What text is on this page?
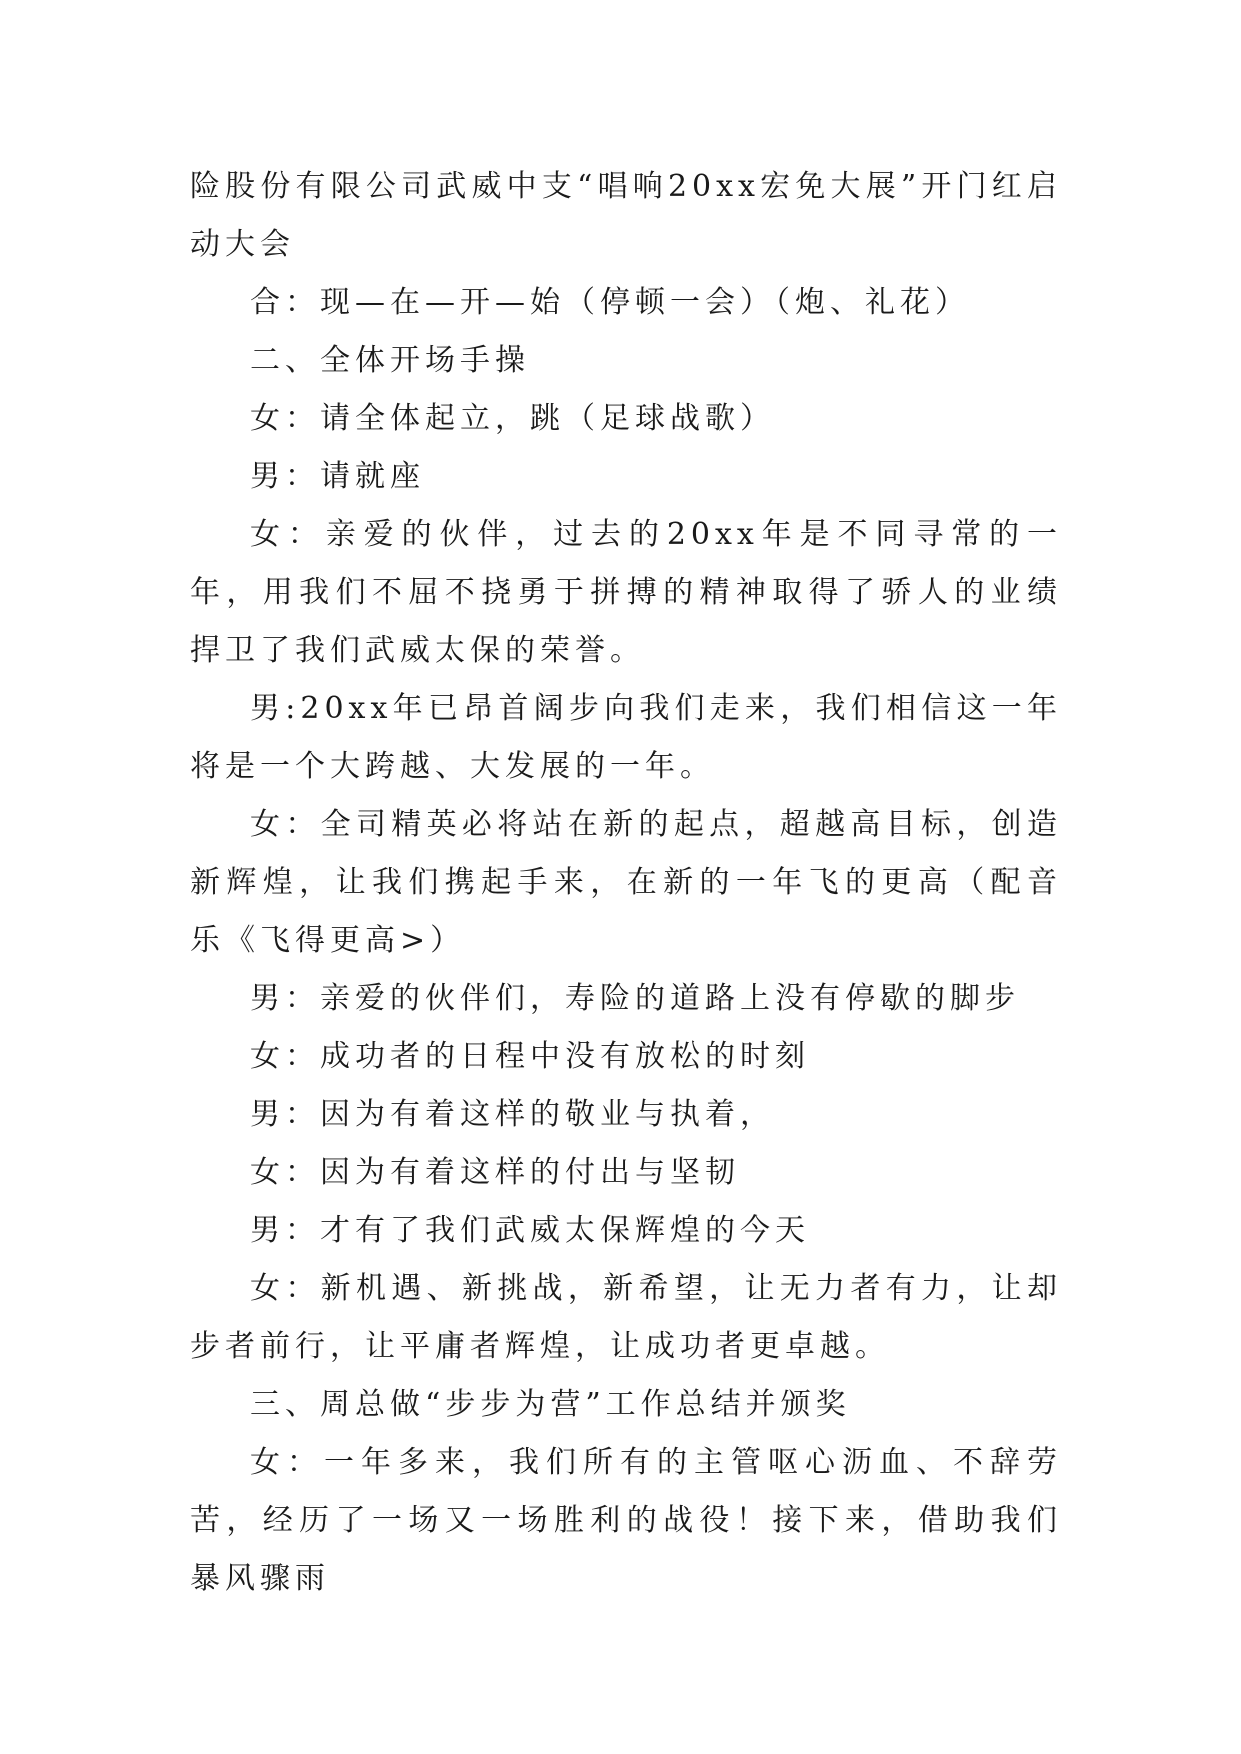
险股份有限公司武威中支“唱响20xx宏免大展”开门红启动大会

合：现—在—开—始（停顿一会）（炮、礼花）

二、全体开场手操

女：请全体起立，跳（足球战歌）

男：请就座

女：亲爱的伙伴，过去的20xx年是不同寻常的一年，用我们不屈不挠勇于拼搏的精神取得了骄人的业绩捍卫了我们武威太保的荣誉。

男:20xx年已昂首阔步向我们走来，我们相信这一年将是一个大跨越、大发展的一年。

女：全司精英必将站在新的起点，超越高目标，创造新辉煌，让我们携起手来，在新的一年飞的更高（配音乐《飞得更高>）

男：亲爱的伙伴们，寿险的道路上没有停歇的脚步

女：成功者的日程中没有放松的时刻

男：因为有着这样的敬业与执着，

女：因为有着这样的付出与坚韧

男：才有了我们武威太保辉煌的今天

女：新机遇、新挑战，新希望，让无力者有力，让却步者前行，让平庸者辉煌，让成功者更卓越。

三、周总做“步步为营”工作总结并颁奖

女：一年多来，我们所有的主管呕心沥血、不辞劳苦，经历了一场又一场胜利的战役！接下来，借助我们暴风骤雨
